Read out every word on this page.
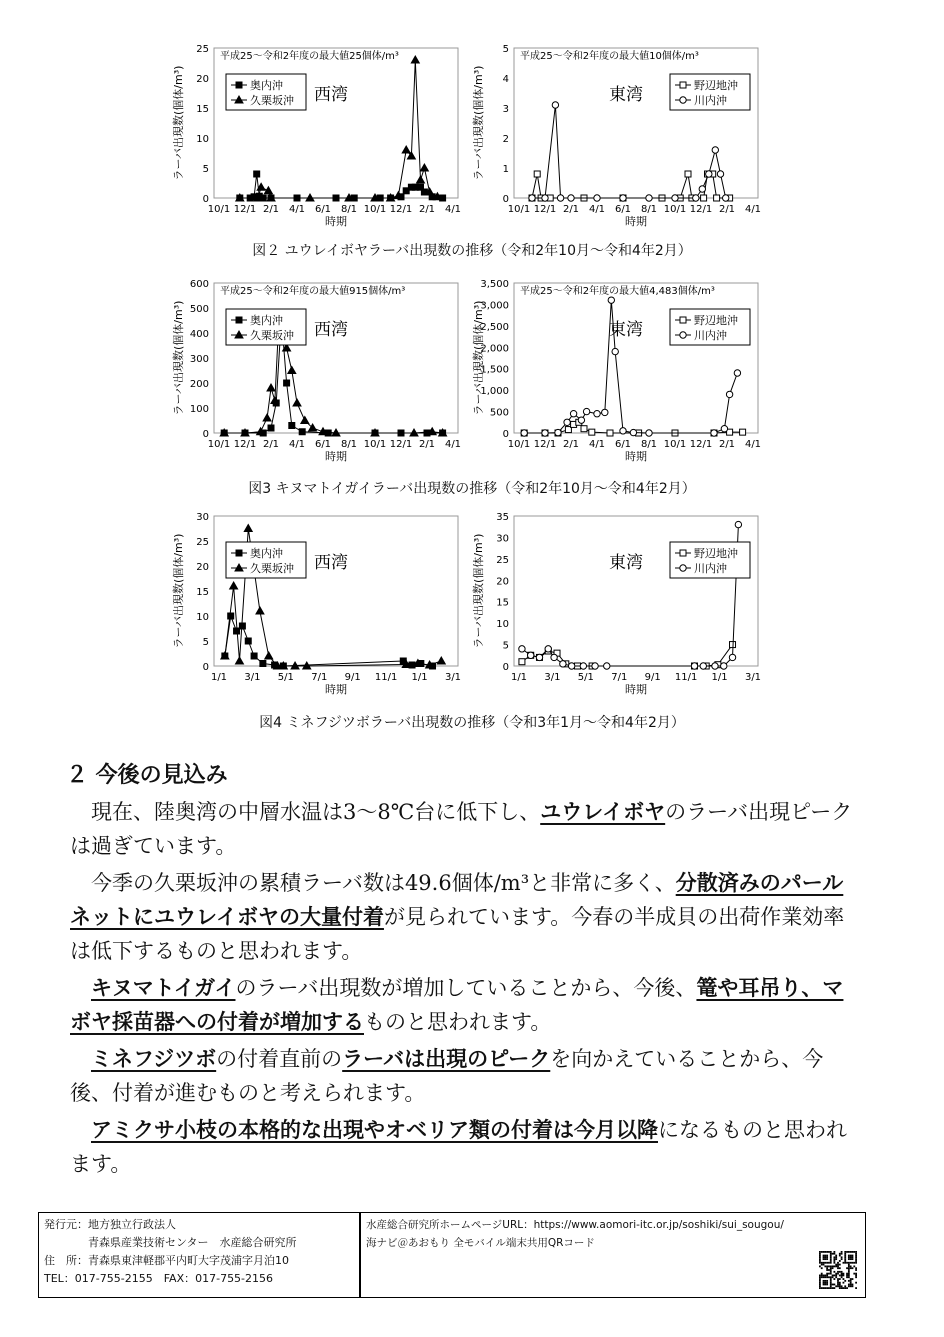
0
5
10
15
20
25
10/1 12/1 2/1 4/1 6/1 8/1 10/1 12/1 2/1 4/1
時期
ラーバ出現数(個体/m³)
平成25～令和2年度の最大値25個体/m³
西湾
奥内沖
久栗坂沖
0
1
2
3
4
5
10/1 12/1 2/1 4/1 6/1 8/1 10/1 12/1 2/1 4/1
時期
ラーバ出現数(個体/m³)
平成25～令和2年度の最大値10個体/m³
東湾	野辺地沖
川内沖
図２ ユウレイボヤラーバ出現数の推移（令和2年10月～令和4年2月）
0
100
200
300
400
500
600
10/1 12/1 2/1 4/1 6/1 8/1 10/1 12/1 2/1 4/1
時期
ラーバ出現数(個体/m³)
平成25～令和2年度の最大値915個体/m³
西湾
奥内沖
久栗坂沖
0
500
1,000
1,500
2,000
2,500
3,000
3,500
10/1 12/1 2/1 4/1 6/1 8/1 10/1 12/1 2/1 4/1
時期
ラーバ出現数(個体/m³)
平成25～令和2年度の最大値4,483個体/m³
東湾	野辺地沖
川内沖
図3 キヌマトイガイラーバ出現数の推移（令和2年10月～令和4年2月）
0
5
10
15
20
25
30
1/1 3/1 5/1 7/1 9/1 11/1 1/1 3/1
時期
ラーバ出現数(個体/m³)	西湾
奥内沖
久栗坂沖
0
5
10
15
20
25
30
35
1/1 3/1 5/1 7/1 9/1 11/1 1/1 3/1
時期
ラーバ出現数(個体/m³)	東湾	野辺地沖
川内沖
図4 ミネフジツボラーバ出現数の推移（令和3年1月～令和4年2月）
２ 今後の見込み

現在、陸奥湾の中層水温は3～8℃台に低下し、ユウレイボヤのラーバ出現ピークは過ぎています。

今季の久栗坂沖の累積ラーバ数は49.6個体/m³と非常に多く、分散済みのパールネットにユウレイボヤの大量付着が見られています。今春の半成貝の出荷作業効率は低下するものと思われます。

キヌマトイガイのラーバ出現数が増加していることから、今後、篭や耳吊り、マボヤ採苗器への付着が増加するものと思われます。

ミネフジツボの付着直前のラーバは出現のピークを向かえていることから、今後、付着が進むものと考えられます。

アミクサ小枝の本格的な出現やオベリア類の付着は今月以降になるものと思われます。

発行元：地方独立行政法人
　　　　青森県産業技術センター　水産総合研究所
住　所：青森県東津軽郡平内町大字茂浦字月泊10
TEL：017-755-2155　FAX：017-755-2156
水産総合研究所ホームページURL：https://www.aomori-itc.or.jp/soshiki/sui_sougou/
海ナビ＠あおもり 全モバイル端末共用QRコード
